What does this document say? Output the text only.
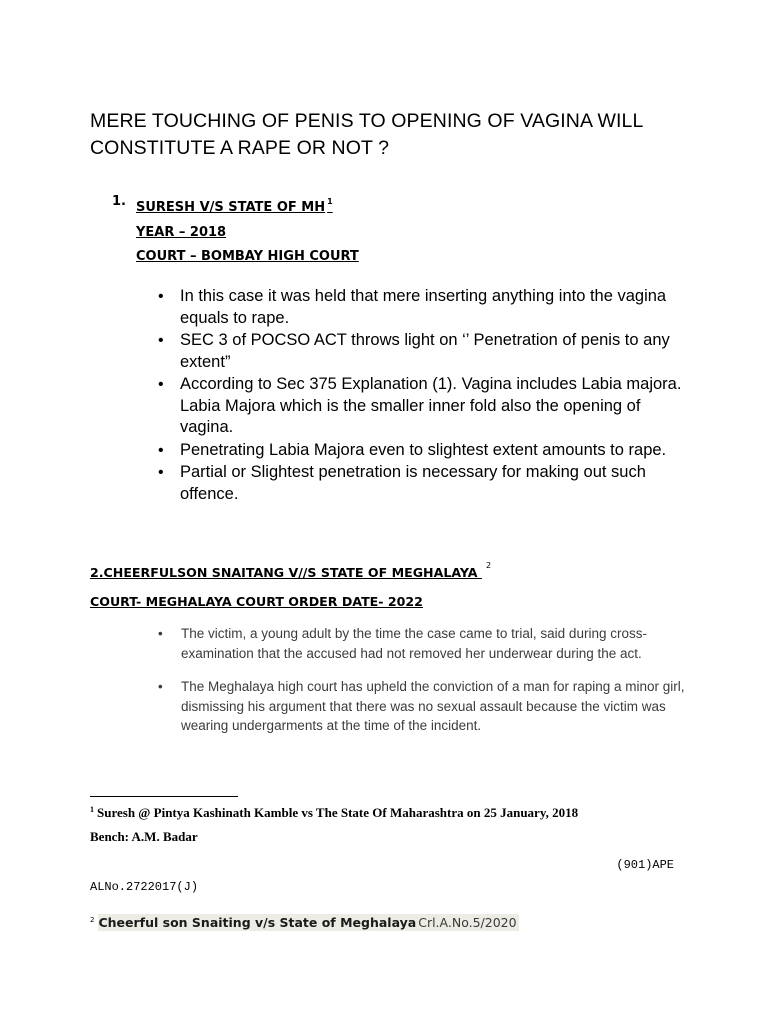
MERE TOUCHING OF PENIS TO OPENING OF VAGINA WILL CONSTITUTE A RAPE OR NOT ?
1. SURESH V/S STATE OF MH $^1$
YEAR – 2018
COURT – BOMBAY HIGH COURT
• In this case it was held that mere inserting anything into the vagina equals to rape.
• SEC 3 of POCSO ACT throws light on ‘’ Penetration of penis to any extent”
• According to Sec 375 Explanation (1). Vagina includes Labia majora. Labia Majora which is the smaller inner fold also the opening of vagina.
• Penetrating Labia Majora even to slightest extent amounts to rape.
• Partial or Slightest penetration is necessary for making out such offence.
2.CHEERFULSON SNAITANG V//S STATE OF MEGHALAYA $^2$
COURT- MEGHALAYA COURT ORDER DATE- 2022
• The victim, a young adult by the time the case came to trial, said during cross- examination that the accused had not removed her underwear during the act.
• The Meghalaya high court has upheld the conviction of a man for raping a minor girl, dismissing his argument that there was no sexual assault because the victim was wearing undergarments at the time of the incident.
$^1$ Suresh @ Pintya Kashinath Kamble vs The State Of Maharashtra on 25 January, 2018
Bench: A.M. Badar
(901)APE
ALNo.2722017(J)
$^2$ Cheerful son Snaiting v/s State of Meghalaya Crl.A.No.5/2020
